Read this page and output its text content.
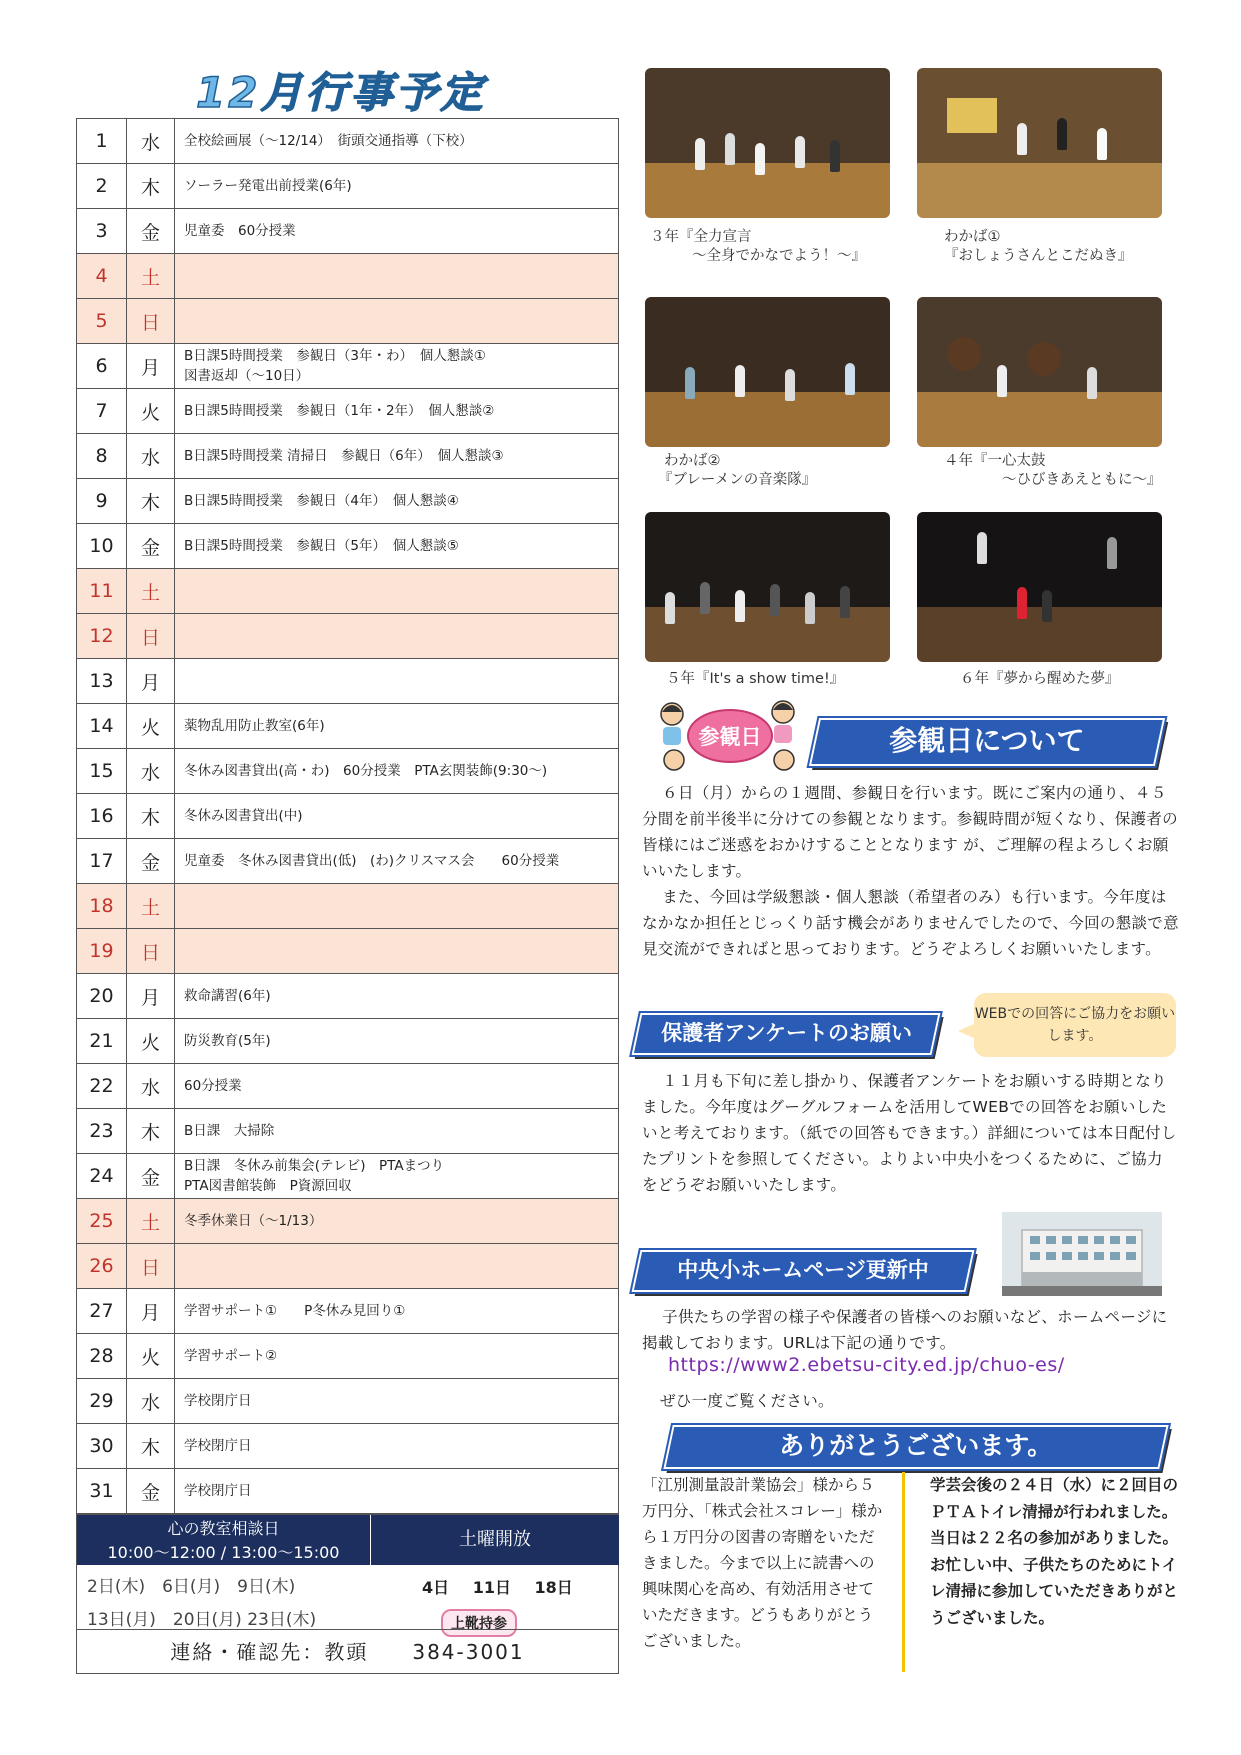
12月行事予定
1	水	全校絵画展（～12/14）　街頭交通指導（下校）

2	木	ソーラー発電出前授業(6年)

3	金	児童委　60分授業

4	土	
5	日	
6	月	B日課5時間授業　参観日（3年・わ）　個人懇談①
図書返却（～10日）

7	火	B日課5時間授業　参観日（1年・2年）　個人懇談②

8	水	B日課5時間授業 清掃日　参観日（6年）　個人懇談③

9	木	B日課5時間授業　参観日（4年）　個人懇談④

10	金	B日課5時間授業　参観日（5年）　個人懇談⑤

11	土	
12	日	
13	月	
14	火	薬物乱用防止教室(6年)

15	水	冬休み図書貸出(高・わ)　60分授業　PTA玄関装飾(9:30～)

16	木	冬休み図書貸出(中)

17	金	児童委　冬休み図書貸出(低)　(わ)クリスマス会　　60分授業

18	土	
19	日	
20	月	救命講習(6年)

21	火	防災教育(5年)

22	水	60分授業

23	木	B日課　大掃除

24	金	B日課　冬休み前集会(テレビ)　PTAまつり
PTA図書館装飾　P資源回収

25	土	冬季休業日（～1/13）

26	日	
27	月	学習サポート①　　P冬休み見回り①

28	火	学習サポート②

29	水	学校閉庁日

30	木	学校閉庁日

31	金	学校閉庁日
心の教室相談日
10:00～12:00 / 13:00～15:00
土曜開放
2日(木)　6日(月)　9日(木)
13日(月)　20日(月) 23日(木)
4日 11日 18日
上靴持参
連絡・確認先：教頭　　384-3001
３年『全力宣言
～全身でかなでよう！～』
わかば①
『おしょうさんとこだぬき』
わかば②
『ブレーメンの音楽隊』
４年『一心太鼓
～ひびきあえともに～』
５年『It's a show time!』	６年『夢から醒めた夢』
参観日	参観日について
６日（月）からの１週間、参観日を行います。既にご案内の通り、４５分間を前半後半に分けての参観となります。参観時間が短くなり、保護者の皆様にはご迷惑をおかけすることとなります が、ご理解の程よろしくお願いいたします。
また、今回は学級懇談・個人懇談（希望者のみ）も行います。今年度はなかなか担任とじっくり話す機会がありませんでしたので、今回の懇談で意見交流ができればと思っております。どうぞよろしくお願いいたします。
保護者アンケートのお願い
WEBでの回答にご協力をお願いします。
１１月も下旬に差し掛かり、保護者アンケートをお願いする時期となりました。今年度はグーグルフォームを活用してWEBでの回答をお願いしたいと考えております。（紙での回答もできます。）詳細については本日配付したプリントを参照してください。よりよい中央小をつくるために、ご協力をどうぞお願いいたします。
中央小ホームページ更新中
子供たちの学習の様子や保護者の皆様へのお願いなど、ホームページに掲載しております。URLは下記の通りです。
https://www2.ebetsu-city.ed.jp/chuo-es/
ぜひ一度ご覧ください。
ありがとうございます。
「江別測量設計業協会」様から５万円分、「株式会社スコレー」様から１万円分の図書の寄贈をいただきました。今まで以上に読書への興味関心を高め、有効活用させていただきます。どうもありがとうございました。
学芸会後の２４日（水）に２回目のＰＴＡトイレ清掃が行われました。当日は２２名の参加がありました。お忙しい中、子供たちのためにトイレ清掃に参加していただきありがとうございました。
